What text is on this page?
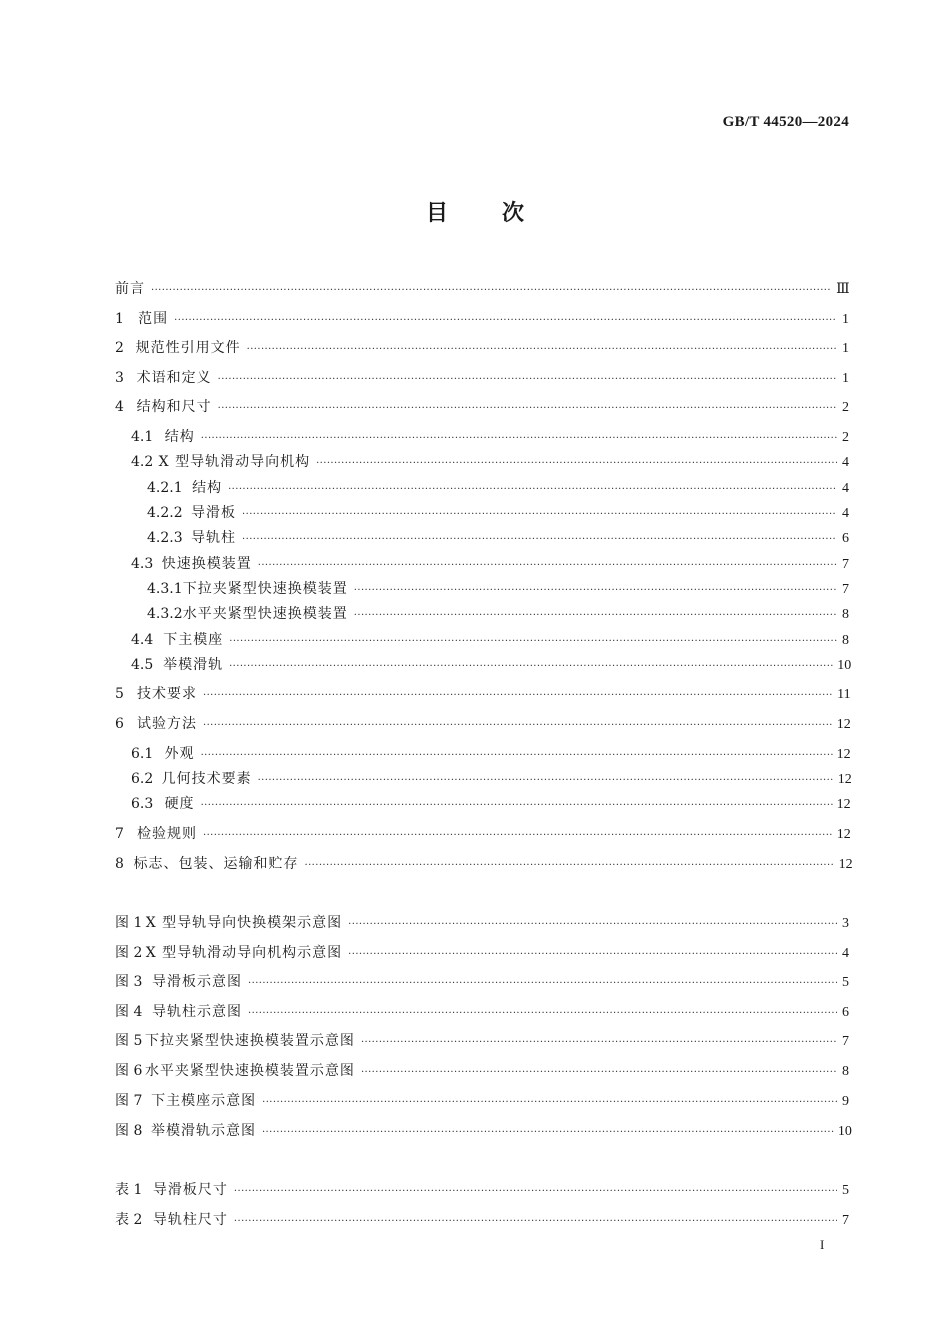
GB/T 44520—2024
目次
前言 ·····	Ⅲ
1	范围 ·····	1
2 规范性引用文件 ·····	1
3 术语和定义 ·····	1
4 结构和尺寸 ·····	2
4.1 结构 ·····	2
4.2 X 型导轨滑动导向机构 ·····	4
4.2.1 结构 ·····	4
4.2.2 导滑板 ·····	4
4.2.3 导轨柱 ·····	6
4.3 快速换模装置 ·····	7
4.3.1 下拉夹紧型快速换模装置 ·····	7
4.3.2 水平夹紧型快速换模装置 ·····	8
4.4 下主模座 ·····	8
4.5 举模滑轨 ·····	10
5 技术要求 ·····	11
6 试验方法 ·····	12
6.1 外观 ·····	12
6.2 几何技术要素 ·····	12
6.3 硬度 ·····	12
7 检验规则 ·····	12
8 标志、包装、运输和贮存 ·····	12
图 1 X 型导轨导向快换模架示意图 ·····	3
图 2 X 型导轨滑动导向机构示意图 ·····	4
图 3 导滑板示意图 ·····	5
图 4 导轨柱示意图 ·····	6
图 5 下拉夹紧型快速换模装置示意图 ·····	7
图 6 水平夹紧型快速换模装置示意图 ·····	8
图 7 下主模座示意图 ·····	9
图 8 举模滑轨示意图 ·····	10
表 1 导滑板尺寸 ·····	5
表 2 导轨柱尺寸 ·····	7
I
